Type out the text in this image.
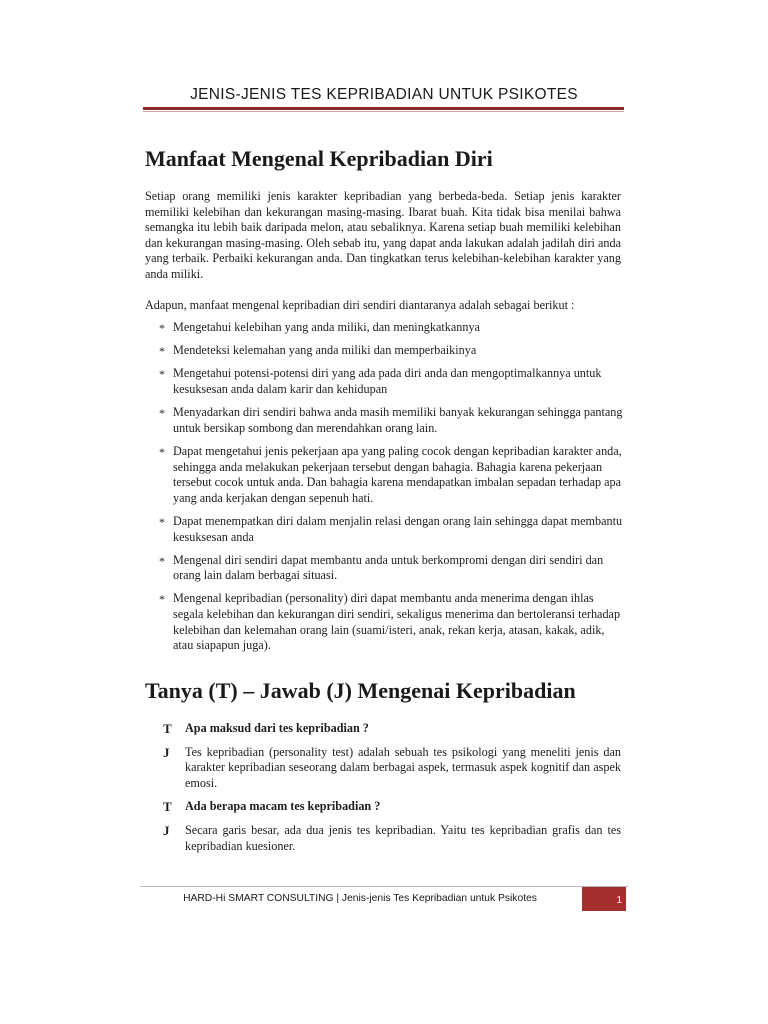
JENIS-JENIS TES KEPRIBADIAN UNTUK PSIKOTES
Manfaat Mengenal Kepribadian Diri
Setiap orang memiliki jenis karakter kepribadian yang berbeda-beda. Setiap jenis karakter memiliki kelebihan dan kekurangan masing-masing. Ibarat buah. Kita tidak bisa menilai bahwa semangka itu lebih baik daripada melon, atau sebaliknya. Karena setiap buah memiliki kelebihan dan kekurangan masing-masing. Oleh sebab itu, yang dapat anda lakukan adalah jadilah diri anda yang terbaik. Perbaiki kekurangan anda. Dan tingkatkan terus kelebihan-kelebihan karakter yang anda miliki.
Adapun, manfaat mengenal kepribadian diri sendiri diantaranya adalah sebagai berikut :
* Mengetahui kelebihan yang anda miliki, dan meningkatkannya
* Mendeteksi kelemahan yang anda miliki dan memperbaikinya
* Mengetahui potensi-potensi diri yang ada pada diri anda dan mengoptimalkannya untuk kesuksesan anda dalam karir dan kehidupan
* Menyadarkan diri sendiri bahwa anda masih memiliki banyak kekurangan sehingga pantang untuk bersikap sombong dan merendahkan orang lain.
* Dapat mengetahui jenis pekerjaan apa yang paling cocok dengan kepribadian karakter anda, sehingga anda melakukan pekerjaan tersebut dengan bahagia. Bahagia karena pekerjaan tersebut cocok untuk anda. Dan bahagia karena mendapatkan imbalan sepadan terhadap apa yang anda kerjakan dengan sepenuh hati.
* Dapat menempatkan diri dalam menjalin relasi dengan orang lain sehingga dapat membantu kesuksesan anda
* Mengenal diri sendiri dapat membantu anda untuk berkompromi dengan diri sendiri dan orang lain dalam berbagai situasi.
* Mengenal kepribadian (personality) diri dapat membantu anda menerima dengan ihlas segala kelebihan dan kekurangan diri sendiri, sekaligus menerima dan bertoleransi terhadap kelebihan dan kelemahan orang lain (suami/isteri, anak, rekan kerja, atasan, kakak, adik, atau siapapun juga).
Tanya (T) – Jawab (J) Mengenai Kepribadian
T Apa maksud dari tes kepribadian ?
J Tes kepribadian (personality test) adalah sebuah tes psikologi yang meneliti jenis dan karakter kepribadian seseorang dalam berbagai aspek, termasuk aspek kognitif dan aspek emosi.
T Ada berapa macam tes kepribadian ?
J Secara garis besar, ada dua jenis tes kepribadian. Yaitu tes kepribadian grafis dan tes kepribadian kuesioner.
HARD-Hi SMART CONSULTING | Jenis-jenis Tes Kepribadian untuk Psikotes	1
